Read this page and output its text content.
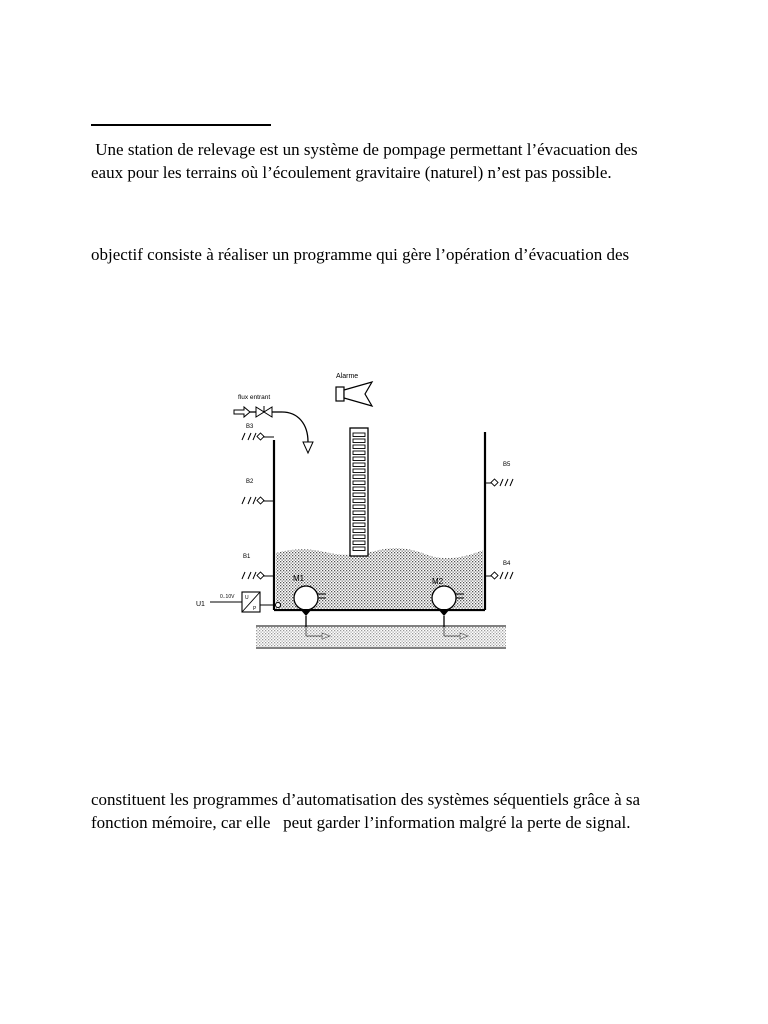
Une station de relevage est un système de pompage permettant l’évacuation des
eaux pour les terrains où l’écoulement gravitaire (naturel) n’est pas possible.

objectif consiste à réaliser un programme qui gère l’opération d’évacuation des

Alarme
flux entrant
B3
B2
B1
B5
B4
U
P
0..10V
U1
M1	M2

constituent les programmes d’automatisation des systèmes séquentiels grâce à sa
fonction mémoire, car elle   peut garder l’information malgré la perte de signal.
